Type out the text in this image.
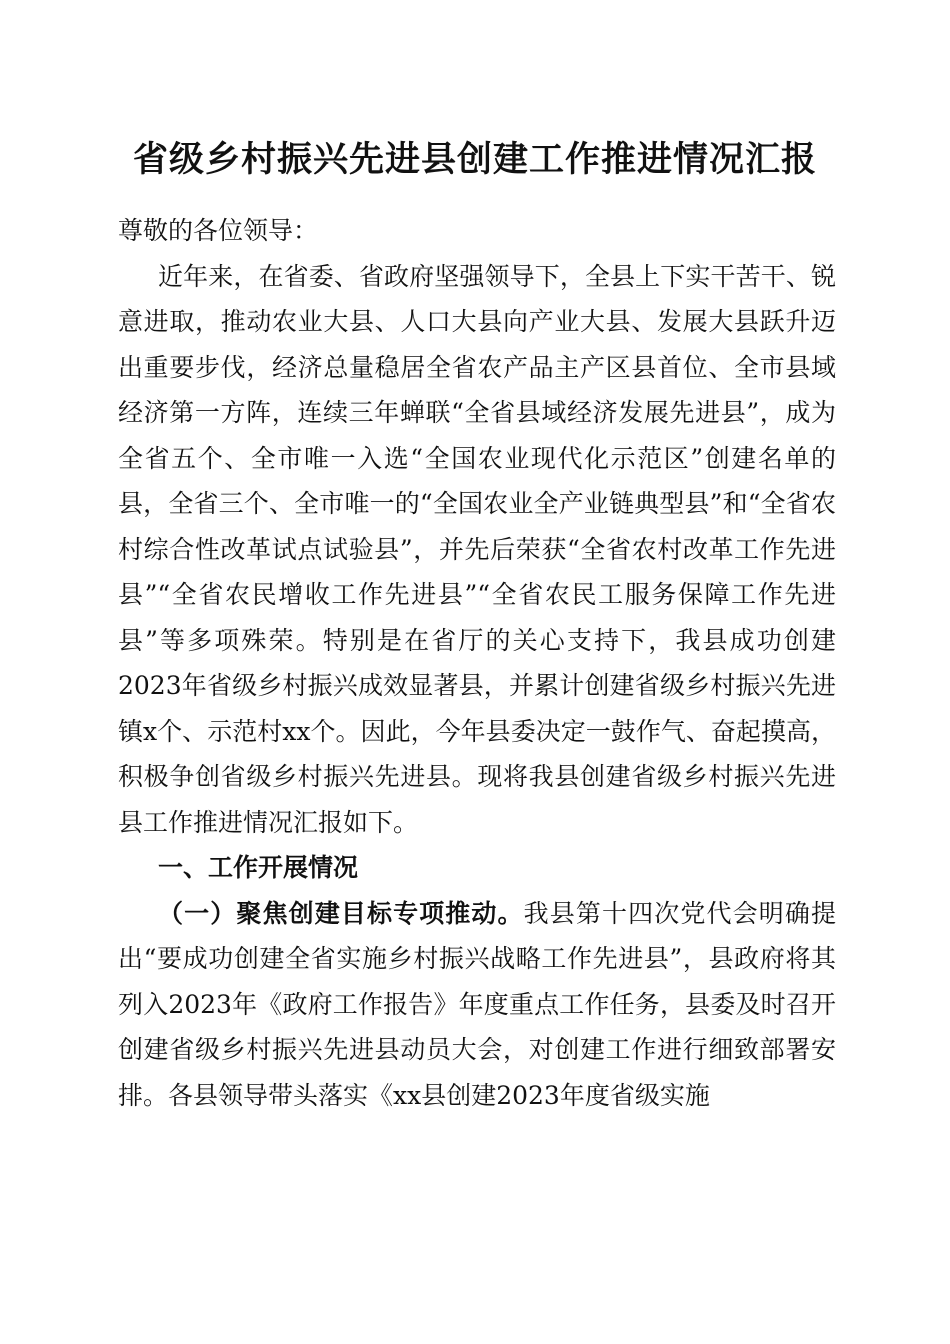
省级乡村振兴先进县创建工作推进情况汇报

尊敬的各位领导：

近年来，在省委、省政府坚强领导下，全县上下实干苦干、锐意进取，推动农业大县、人口大县向产业大县、发展大县跃升迈出重要步伐，经济总量稳居全省农产品主产区县首位、全市县域经济第一方阵，连续三年蝉联“全省县域经济发展先进县”，成为全省五个、全市唯一入选“全国农业现代化示范区”创建名单的县，全省三个、全市唯一的“全国农业全产业链典型县”和“全省农村综合性改革试点试验县”，并先后荣获“全省农村改革工作先进县”“全省农民增收工作先进县”“全省农民工服务保障工作先进县”等多项殊荣。特别是在省厅的关心支持下，我县成功创建2023年省级乡村振兴成效显著县，并累计创建省级乡村振兴先进镇x个、示范村xx个。因此，今年县委决定一鼓作气、奋起摸高，积极争创省级乡村振兴先进县。现将我县创建省级乡村振兴先进县工作推进情况汇报如下。

一、工作开展情况

（一）聚焦创建目标专项推动。我县第十四次党代会明确提出“要成功创建全省实施乡村振兴战略工作先进县”，县政府将其列入2023年《政府工作报告》年度重点工作任务，县委及时召开创建省级乡村振兴先进县动员大会，对创建工作进行细致部署安排。各县领导带头落实《xx县创建2023年度省级实施
